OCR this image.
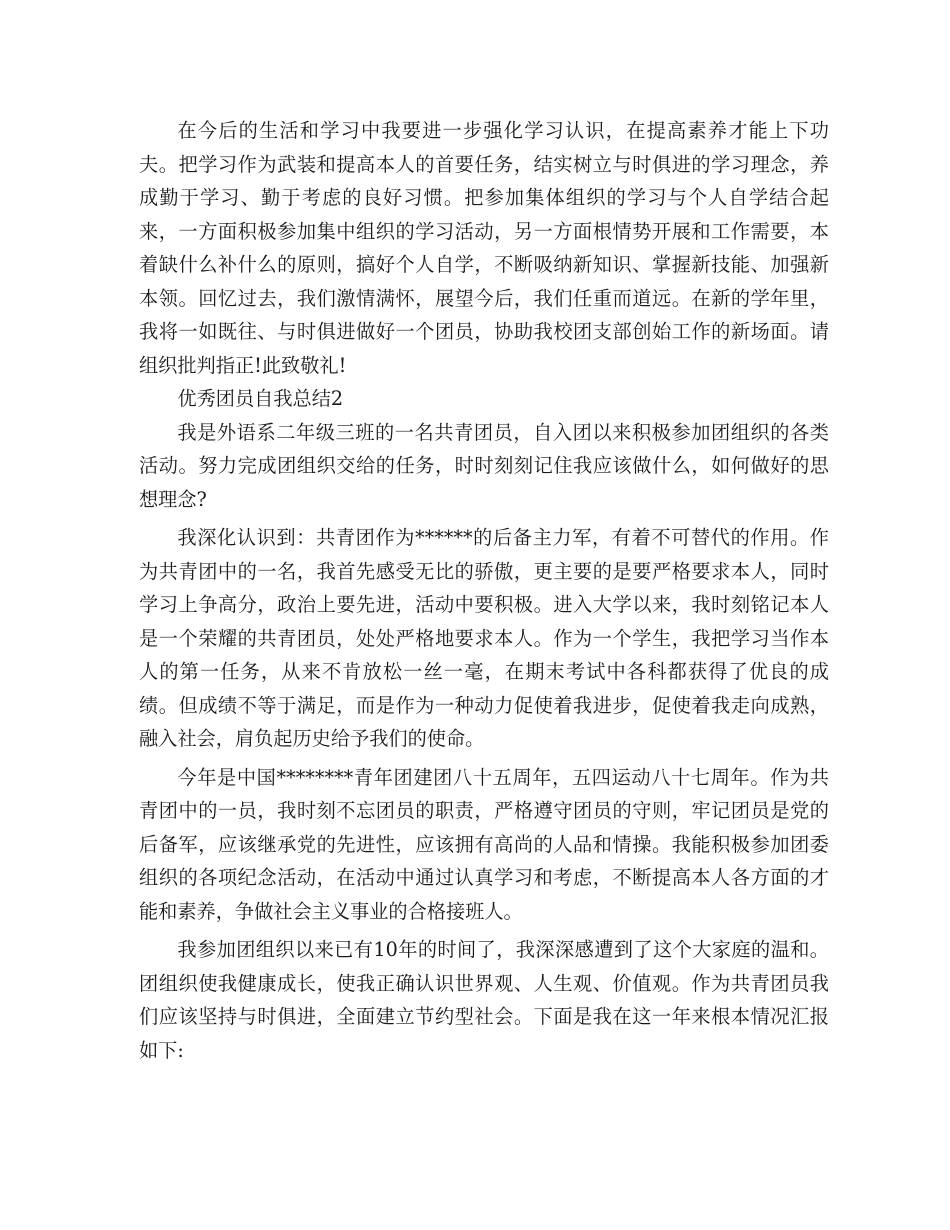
在今后的生活和学习中我要进一步强化学习认识，在提高素养才能上下功夫。把学习作为武装和提高本人的首要任务，结实树立与时俱进的学习理念，养成勤于学习、勤于考虑的良好习惯。把参加集体组织的学习与个人自学结合起来，一方面积极参加集中组织的学习活动，另一方面根情势开展和工作需要，本着缺什么补什么的原则，搞好个人自学，不断吸纳新知识、掌握新技能、加强新本领。回忆过去，我们激情满怀，展望今后，我们任重而道远。在新的学年里，我将一如既往、与时俱进做好一个团员，协助我校团支部创始工作的新场面。请组织批判指正!此致敬礼!

优秀团员自我总结2

我是外语系二年级三班的一名共青团员，自入团以来积极参加团组织的各类活动。努力完成团组织交给的任务，时时刻刻记住我应该做什么，如何做好的思想理念?

我深化认识到：共青团作为******的后备主力军，有着不可替代的作用。作为共青团中的一名，我首先感受无比的骄傲，更主要的是要严格要求本人，同时学习上争高分，政治上要先进，活动中要积极。进入大学以来，我时刻铭记本人是一个荣耀的共青团员，处处严格地要求本人。作为一个学生，我把学习当作本人的第一任务，从来不肯放松一丝一毫，在期末考试中各科都获得了优良的成绩。但成绩不等于满足，而是作为一种动力促使着我进步，促使着我走向成熟，融入社会，肩负起历史给予我们的使命。

今年是中国********青年团建团八十五周年，五四运动八十七周年。作为共青团中的一员，我时刻不忘团员的职责，严格遵守团员的守则，牢记团员是党的后备军，应该继承党的先进性，应该拥有高尚的人品和情操。我能积极参加团委组织的各项纪念活动，在活动中通过认真学习和考虑，不断提高本人各方面的才能和素养，争做社会主义事业的合格接班人。

我参加团组织以来已有10年的时间了，我深深感遭到了这个大家庭的温和。团组织使我健康成长，使我正确认识世界观、人生观、价值观。作为共青团员我们应该坚持与时俱进，全面建立节约型社会。下面是我在这一年来根本情况汇报如下:
